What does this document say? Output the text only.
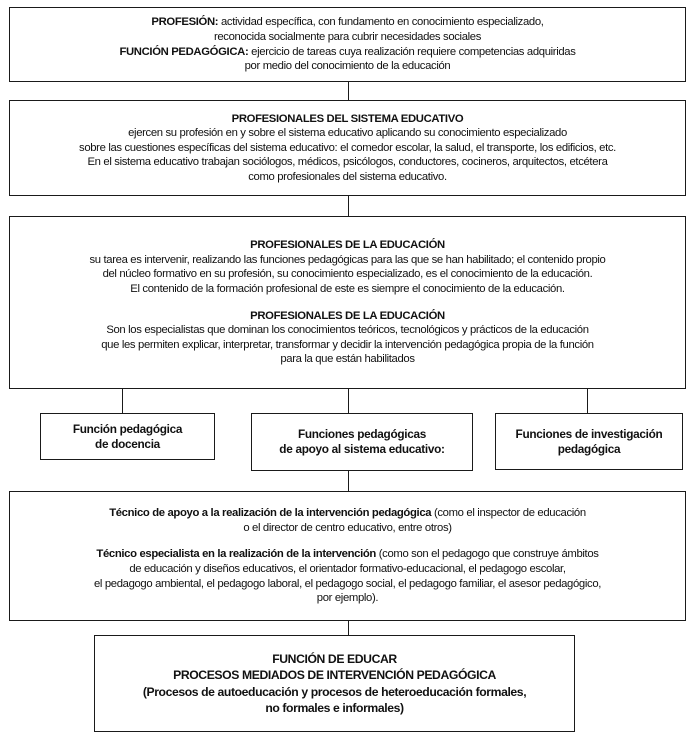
PROFESIÓN: actividad específica, con fundamento en conocimiento especializado,
reconocida socialmente para cubrir necesidades sociales
FUNCIÓN PEDAGÓGICA: ejercicio de tareas cuya realización requiere competencias adquiridas
por medio del conocimiento de la educación
PROFESIONALES DEL SISTEMA EDUCATIVO
ejercen su profesión en y sobre el sistema educativo aplicando su conocimiento especializado
sobre las cuestiones específicas del sistema educativo: el comedor escolar, la salud, el transporte, los edificios, etc.
En el sistema educativo trabajan sociólogos, médicos, psicólogos, conductores, cocineros, arquitectos, etcétera
como profesionales del sistema educativo.
PROFESIONALES DE LA EDUCACIÓN
su tarea es intervenir, realizando las funciones pedagógicas para las que se han habilitado; el contenido propio
del núcleo formativo en su profesión, su conocimiento especializado, es el conocimiento de la educación.
El contenido de la formación profesional de este es siempre el conocimiento de la educación.
PROFESIONALES DE LA EDUCACIÓN
Son los especialistas que dominan los conocimientos teóricos, tecnológicos y prácticos de la educación
que les permiten explicar, interpretar, transformar y decidir la intervención pedagógica propia de la función
para la que están habilitados
Función pedagógica
de docencia
Funciones pedagógicas
de apoyo al sistema educativo:
Funciones de investigación
pedagógica
Técnico de apoyo a la realización de la intervención pedagógica (como el inspector de educación
o el director de centro educativo, entre otros)
Técnico especialista en la realización de la intervención (como son el pedagogo que construye ámbitos
de educación y diseños educativos, el orientador formativo-educacional, el pedagogo escolar,
el pedagogo ambiental, el pedagogo laboral, el pedagogo social, el pedagogo familiar, el asesor pedagógico,
por ejemplo).
FUNCIÓN DE EDUCAR
PROCESOS MEDIADOS DE INTERVENCIÓN PEDAGÓGICA
(Procesos de autoeducación y procesos de heteroeducación formales,
no formales e informales)
